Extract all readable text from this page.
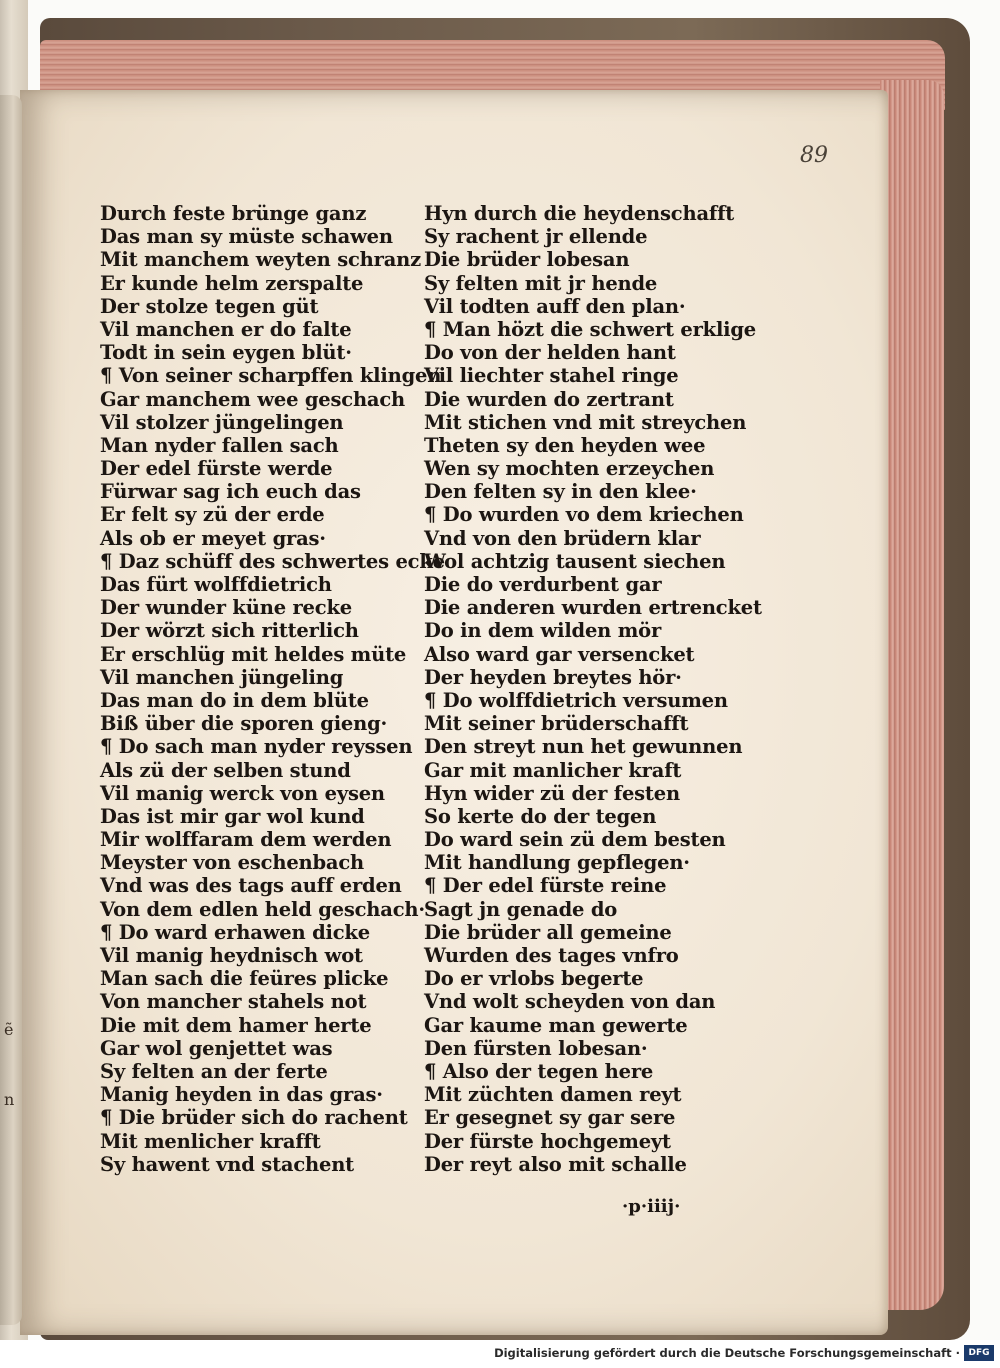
ẽ
n
89
Durch feste brünge ganz
Das man sy müste schawen
Mit manchem weyten schranz
Er kunde helm zerspalte
Der stolze tegen güt
Vil manchen er do falte
Todt in sein eygen blüt·
¶ Von seiner scharpffen klingen
Gar manchem wee geschach
Vil stolzer jüngelingen
Man nyder fallen sach
Der edel fürste werde
Fürwar sag ich euch das
Er felt sy zü der erde
Als ob er meyet gras·
¶ Daz schüff des schwertes ecke
Das fürt wolffdietrich
Der wunder küne recke
Der wörzt sich ritterlich
Er erschlüg mit heldes müte
Vil manchen jüngeling
Das man do in dem blüte
Biß über die sporen gieng·
¶ Do sach man nyder reyssen
Als zü der selben stund
Vil manig werck von eysen
Das ist mir gar wol kund
Mir wolffaram dem werden
Meyster von eschenbach
Vnd was des tags auff erden
Von dem edlen held geschach·
¶ Do ward erhawen dicke
Vil manig heydnisch wot
Man sach die feüres plicke
Von mancher stahels not
Die mit dem hamer herte
Gar wol genjettet was
Sy felten an der ferte
Manig heyden in das gras·
¶ Die brüder sich do rachent
Mit menlicher krafft
Sy hawent vnd stachent
Hyn durch die heydenschafft
Sy rachent jr ellende
Die brüder lobesan
Sy felten mit jr hende
Vil todten auff den plan·
¶ Man hözt die schwert erklige
Do von der helden hant
Vil liechter stahel ringe
Die wurden do zertrant
Mit stichen vnd mit streychen
Theten sy den heyden wee
Wen sy mochten erzeychen
Den felten sy in den klee·
¶ Do wurden vo dem kriechen
Vnd von den brüdern klar
Wol achtzig tausent siechen
Die do verdurbent gar
Die anderen wurden ertrencket
Do in dem wilden mör
Also ward gar versencket
Der heyden breytes hör·
¶ Do wolffdietrich versumen
Mit seiner brüderschafft
Den streyt nun het gewunnen
Gar mit manlicher kraft
Hyn wider zü der festen
So kerte do der tegen
Do ward sein zü dem besten
Mit handlung gepflegen·
¶ Der edel fürste reine
Sagt jn genade do
Die brüder all gemeine
Wurden des tages vnfro
Do er vrlobs begerte
Vnd wolt scheyden von dan
Gar kaume man gewerte
Den fürsten lobesan·
¶ Also der tegen here
Mit züchten damen reyt
Er gesegnet sy gar sere
Der fürste hochgemeyt
Der reyt also mit schalle
·p·iiij·
Digitalisierung gefördert durch die Deutsche Forschungsgemeinschaft · DFG
